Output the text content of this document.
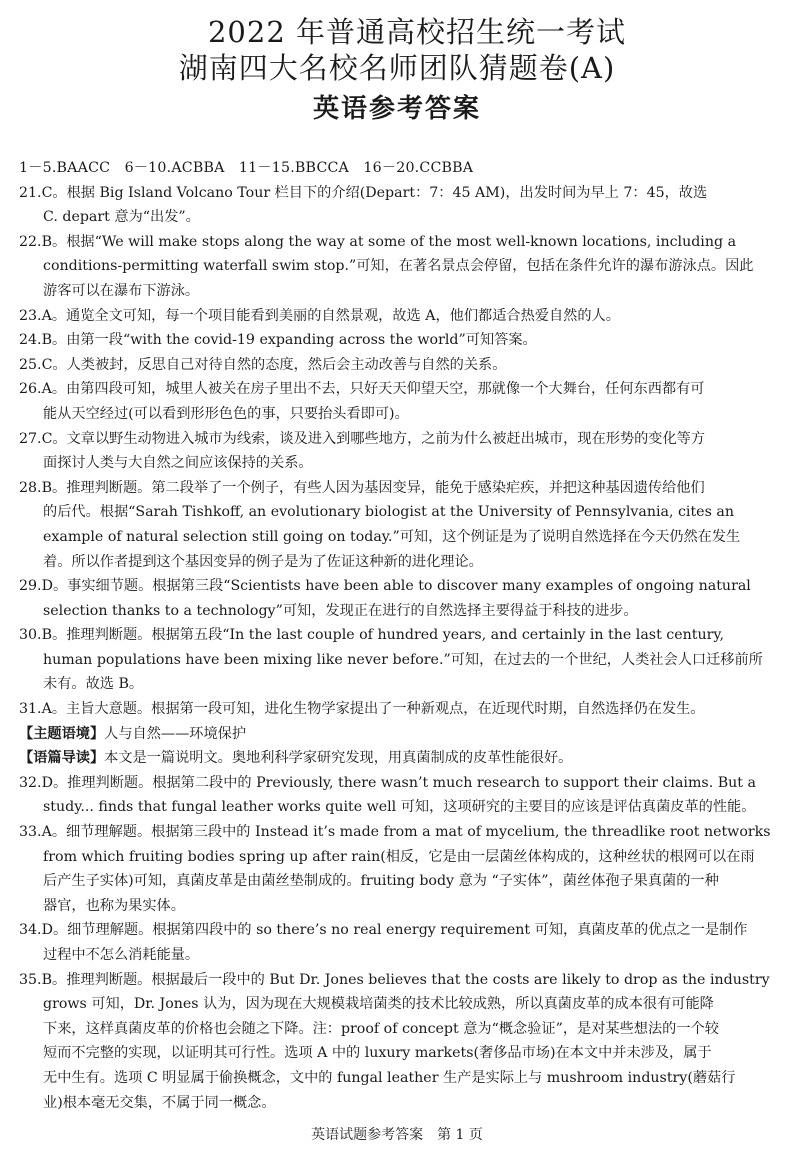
2022 年普通高校招生统一考试
湖南四大名校名师团队猜题卷(A)
英语参考答案
1－5.BAACC　6－10.ACBBA　11－15.BBCCA　16－20.CCBBA
21.C。根据 Big Island Volcano Tour 栏目下的介绍(Depart：7：45 AM)，出发时间为早上 7：45，故选
C. depart 意为“出发”。
22.B。根据“We will make stops along the way at some of the most well-known locations, including a
conditions-permitting waterfall swim stop.”可知，在著名景点会停留，包括在条件允许的瀑布游泳点。因此
游客可以在瀑布下游泳。
23.A。通览全文可知，每一个项目能看到美丽的自然景观，故选 A，他们都适合热爱自然的人。
24.B。由第一段“with the covid-19 expanding across the world”可知答案。
25.C。人类被封，反思自己对待自然的态度，然后会主动改善与自然的关系。
26.A。由第四段可知，城里人被关在房子里出不去，只好天天仰望天空，那就像一个大舞台，任何东西都有可
能从天空经过(可以看到形形色色的事，只要抬头看即可)。
27.C。文章以野生动物进入城市为线索，谈及进入到哪些地方，之前为什么被赶出城市，现在形势的变化等方
面探讨人类与大自然之间应该保持的关系。
28.B。推理判断题。第二段举了一个例子，有些人因为基因变异，能免于感染疟疾，并把这种基因遗传给他们
的后代。根据“Sarah Tishkoff, an evolutionary biologist at the University of Pennsylvania, cites an
example of natural selection still going on today.”可知，这个例证是为了说明自然选择在今天仍然在发生
着。所以作者提到这个基因变异的例子是为了佐证这种新的进化理论。
29.D。事实细节题。根据第三段“Scientists have been able to discover many examples of ongoing natural
selection thanks to a technology”可知，发现正在进行的自然选择主要得益于科技的进步。
30.B。推理判断题。根据第五段“In the last couple of hundred years, and certainly in the last century,
human populations have been mixing like never before.”可知，在过去的一个世纪，人类社会人口迁移前所
未有。故选 B。
31.A。主旨大意题。根据第一段可知，进化生物学家提出了一种新观点，在近现代时期，自然选择仍在发生。
【主题语境】人与自然——环境保护
【语篇导读】本文是一篇说明文。奥地利科学家研究发现，用真菌制成的皮革性能很好。
32.D。推理判断题。根据第二段中的 Previously, there wasn’t much research to support their claims. But a
study... finds that fungal leather works quite well 可知，这项研究的主要目的应该是评估真菌皮革的性能。
33.A。细节理解题。根据第三段中的 Instead it’s made from a mat of mycelium, the threadlike root networks
from which fruiting bodies spring up after rain(相反，它是由一层菌丝体构成的，这种丝状的根网可以在雨
后产生子实体)可知，真菌皮革是由菌丝垫制成的。fruiting body 意为 “子实体”，菌丝体孢子果真菌的一种
器官，也称为果实体。
34.D。细节理解题。根据第四段中的 so there’s no real energy requirement 可知，真菌皮革的优点之一是制作
过程中不怎么消耗能量。
35.B。推理判断题。根据最后一段中的 But Dr. Jones believes that the costs are likely to drop as the industry
grows 可知，Dr. Jones 认为，因为现在大规模栽培菌类的技术比较成熟，所以真菌皮革的成本很有可能降
下来，这样真菌皮革的价格也会随之下降。注：proof of concept 意为“概念验证”，是对某些想法的一个较
短而不完整的实现，以证明其可行性。选项 A 中的 luxury markets(奢侈品市场)在本文中并未涉及，属于
无中生有。选项 C 明显属于偷换概念，文中的 fungal leather 生产是实际上与 mushroom industry(蘑菇行
业)根本毫无交集，不属于同一概念。
英语试题参考答案　第 1 页
